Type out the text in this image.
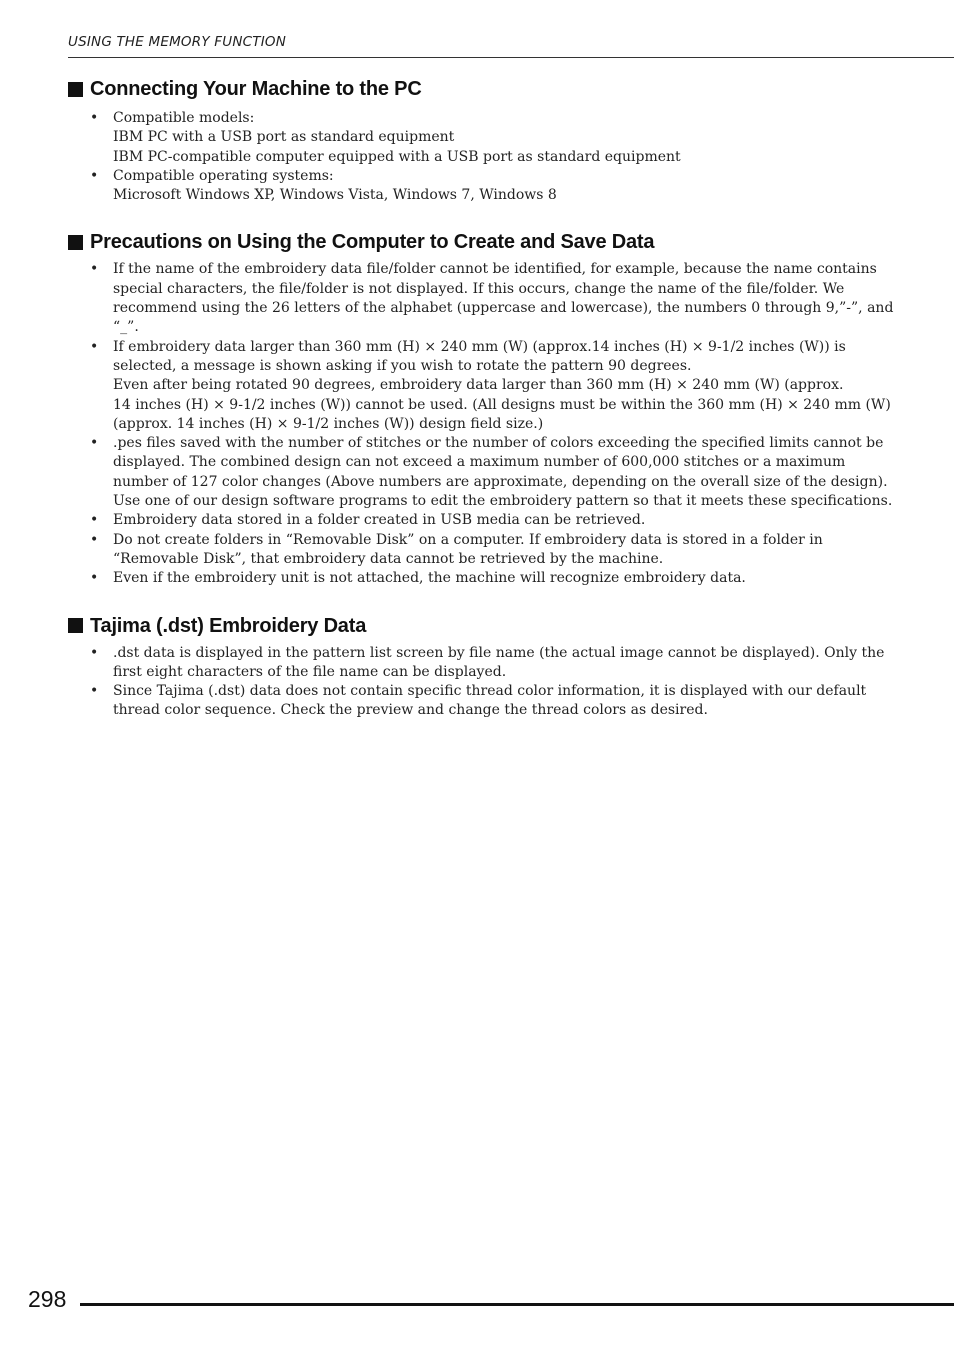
USING THE MEMORY FUNCTION
Connecting Your Machine to the PC
• Compatible models:
IBM PC with a USB port as standard equipment
IBM PC-compatible computer equipped with a USB port as standard equipment
• Compatible operating systems:
Microsoft Windows XP, Windows Vista, Windows 7, Windows 8
Precautions on Using the Computer to Create and Save Data
• If the name of the embroidery data file/folder cannot be identified, for example, because the name contains
special characters, the file/folder is not displayed. If this occurs, change the name of the file/folder. We
recommend using the 26 letters of the alphabet (uppercase and lowercase), the numbers 0 through 9,”-”, and
“_”.
• If embroidery data larger than 360 mm (H) × 240 mm (W) (approx.14 inches (H) × 9-1/2 inches (W)) is
selected, a message is shown asking if you wish to rotate the pattern 90 degrees.
Even after being rotated 90 degrees, embroidery data larger than 360 mm (H) × 240 mm (W) (approx.
14 inches (H) × 9-1/2 inches (W)) cannot be used. (All designs must be within the 360 mm (H) × 240 mm (W)
(approx. 14 inches (H) × 9-1/2 inches (W)) design field size.)
• .pes files saved with the number of stitches or the number of colors exceeding the specified limits cannot be
displayed. The combined design can not exceed a maximum number of 600,000 stitches or a maximum
number of 127 color changes (Above numbers are approximate, depending on the overall size of the design).
Use one of our design software programs to edit the embroidery pattern so that it meets these specifications.
• Embroidery data stored in a folder created in USB media can be retrieved.
• Do not create folders in “Removable Disk” on a computer. If embroidery data is stored in a folder in
“Removable Disk”, that embroidery data cannot be retrieved by the machine.
• Even if the embroidery unit is not attached, the machine will recognize embroidery data.
Tajima (.dst) Embroidery Data
• .dst data is displayed in the pattern list screen by file name (the actual image cannot be displayed). Only the
first eight characters of the file name can be displayed.
• Since Tajima (.dst) data does not contain specific thread color information, it is displayed with our default
thread color sequence. Check the preview and change the thread colors as desired.
298
